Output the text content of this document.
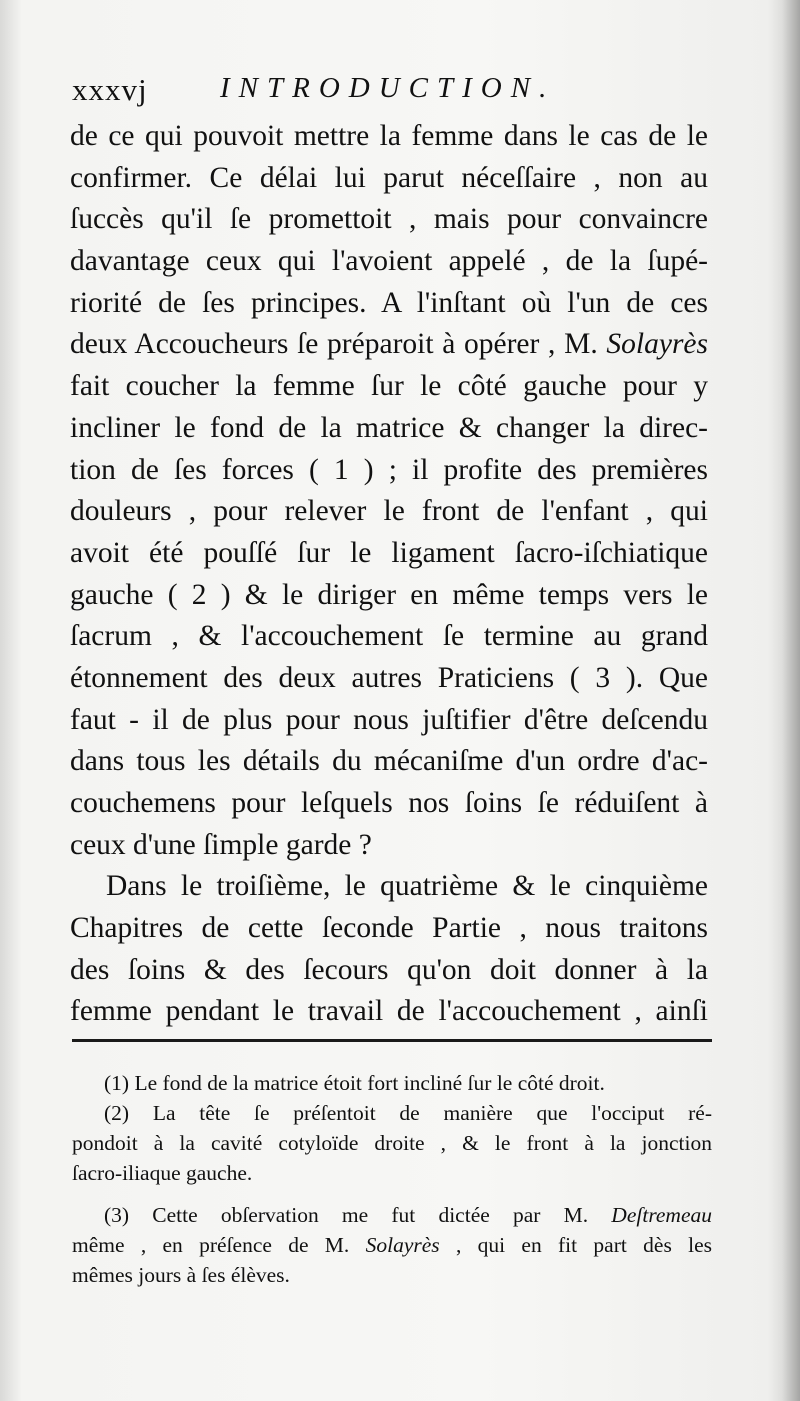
xxxvj INTRODUCTION.
de ce qui pouvoit mettre la femme dans le cas de le
confirmer. Ce délai lui parut néceſſaire , non au
ſuccès qu'il ſe promettoit , mais pour convaincre
davantage ceux qui l'avoient appelé , de la ſupé-
riorité de ſes principes. A l'inſtant où l'un de ces
deux Accoucheurs ſe préparoit à opérer , M. Solayrès
fait coucher la femme ſur le côté gauche pour y
incliner le fond de la matrice & changer la direc-
tion de ſes forces ( 1 ) ; il profite des premières
douleurs , pour relever le front de l'enfant , qui
avoit été pouſſé ſur le ligament ſacro-iſchiatique
gauche ( 2 ) & le diriger en même temps vers le
ſacrum , & l'accouchement ſe termine au grand
étonnement des deux autres Praticiens ( 3 ). Que
faut - il de plus pour nous juſtifier d'être deſcendu
dans tous les détails du mécaniſme d'un ordre d'ac-
couchemens pour leſquels nos ſoins ſe réduiſent à
ceux d'une ſimple garde ?
Dans le troiſième, le quatrième & le cinquième
Chapitres de cette ſeconde Partie , nous traitons
des ſoins & des ſecours qu'on doit donner à la
femme pendant le travail de l'accouchement , ainſi
(1) Le fond de la matrice étoit fort incliné ſur le côté droit.
(2) La tête ſe préſentoit de manière que l'occiput ré-
pondoit à la cavité cotyloïde droite , & le front à la jonction
ſacro-iliaque gauche.
(3) Cette obſervation me fut dictée par M. Deſtremeau
même , en préſence de M. Solayrès , qui en fit part dès les
mêmes jours à ſes élèves.
